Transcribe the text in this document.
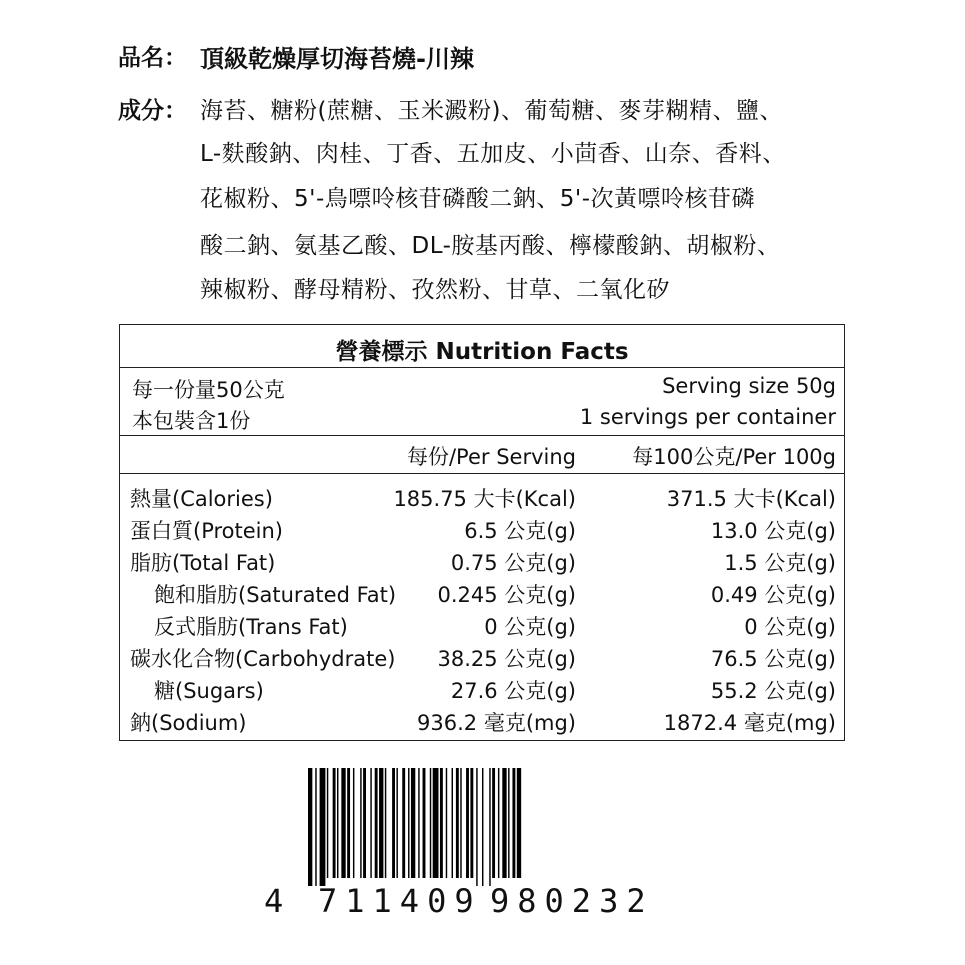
品名： 頂級乾燥厚切海苔燒-川辣
成分： 海苔、糖粉(蔗糖、玉米澱粉)、葡萄糖、麥芽糊精、鹽、
L-麩酸鈉、肉桂、丁香、五加皮、小茴香、山奈、香料、
花椒粉、5'-鳥嘌呤核苷磷酸二鈉、5'-次黃嘌呤核苷磷
酸二鈉、氨基乙酸、DL-胺基丙酸、檸檬酸鈉、胡椒粉、
辣椒粉、酵母精粉、孜然粉、甘草、二氧化矽
營養標示 Nutrition Facts
每一份量50公克	Serving size 50g
本包裝含1份	1 servings per container
每份/Per Serving	每100公克/Per 100g
熱量(Calories)	185.75 大卡(Kcal)	371.5 大卡(Kcal)
蛋白質(Protein)	6.5 公克(g)	13.0 公克(g)
脂肪(Total Fat)	0.75 公克(g)	1.5 公克(g)
飽和脂肪(Saturated Fat) 0.245 公克(g)	0.49 公克(g)
反式脂肪(Trans Fat)	0 公克(g)	0 公克(g)
碳水化合物(Carbohydrate) 38.25 公克(g)	76.5 公克(g)
糖(Sugars)	27.6 公克(g)	55.2 公克(g)
鈉(Sodium)	936.2 毫克(mg)	1872.4 毫克(mg)
4 711409 980232
